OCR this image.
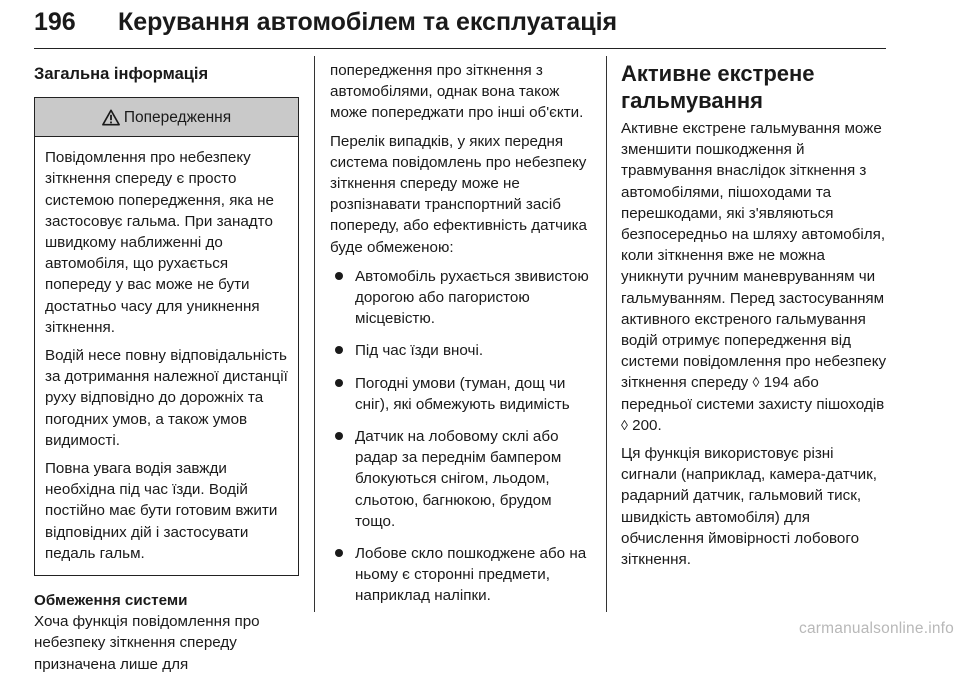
196 Керування автомобілем та експлуатація
Загальна інформація
Попередження

Повідомлення про небезпеку зіткнення спереду є просто системою попередження, яка не застосовує гальма. При занадто швидкому наближенні до автомобіля, що рухається попереду у вас може не бути достатньо часу для уникнення зіткнення.

Водій несе повну відповідальність за дотримання належної дистанції руху відповідно до дорожніх та погодних умов, а також умов видимості.

Повна увага водія завжди необхідна під час їзди. Водій постійно має бути готовим вжити відповідних дій і застосувати педаль гальм.

Обмеження системи
Хоча функція повідомлення про небезпеку зіткнення спереду призначена лише для

попередження про зіткнення з автомобілями, однак вона також може попереджати про інші об'єкти.

Перелік випадків, у яких передня система повідомлень про небезпеку зіткнення спереду може не розпізнавати транспортний засіб попереду, або ефективність датчика буде обмеженою:

Автомобіль рухається звивистою дорогою або пагористою місцевістю.
Під час їзди вночі.
Погодні умови (туман, дощ чи сніг), які обмежують видимість
Датчик на лобовому склі або радар за переднім бампером блокуються снігом, льодом, сльотою, багнюкою, брудом тощо.
Лобове скло пошкоджене або на ньому є сторонні предмети, наприклад наліпки.
Активне екстрене гальмування

Активне екстрене гальмування може зменшити пошкодження й травмування внаслідок зіткнення з автомобілями, пішоходами та перешкодами, які з'являються безпосередньо на шляху автомобіля, коли зіткнення вже не можна уникнути ручним маневруванням чи гальмуванням. Перед застосуванням активного екстреного гальмування водій отримує попередження від системи повідомлення про небезпеку зіткнення спереду ◊ 194 або передньої системи захисту пішоходів ◊ 200.

Ця функція використовує різні сигнали (наприклад, камера-датчик, радарний датчик, гальмовий тиск, швидкість автомобіля) для обчислення ймовірності лобового зіткнення.

carmanualsonline.info
